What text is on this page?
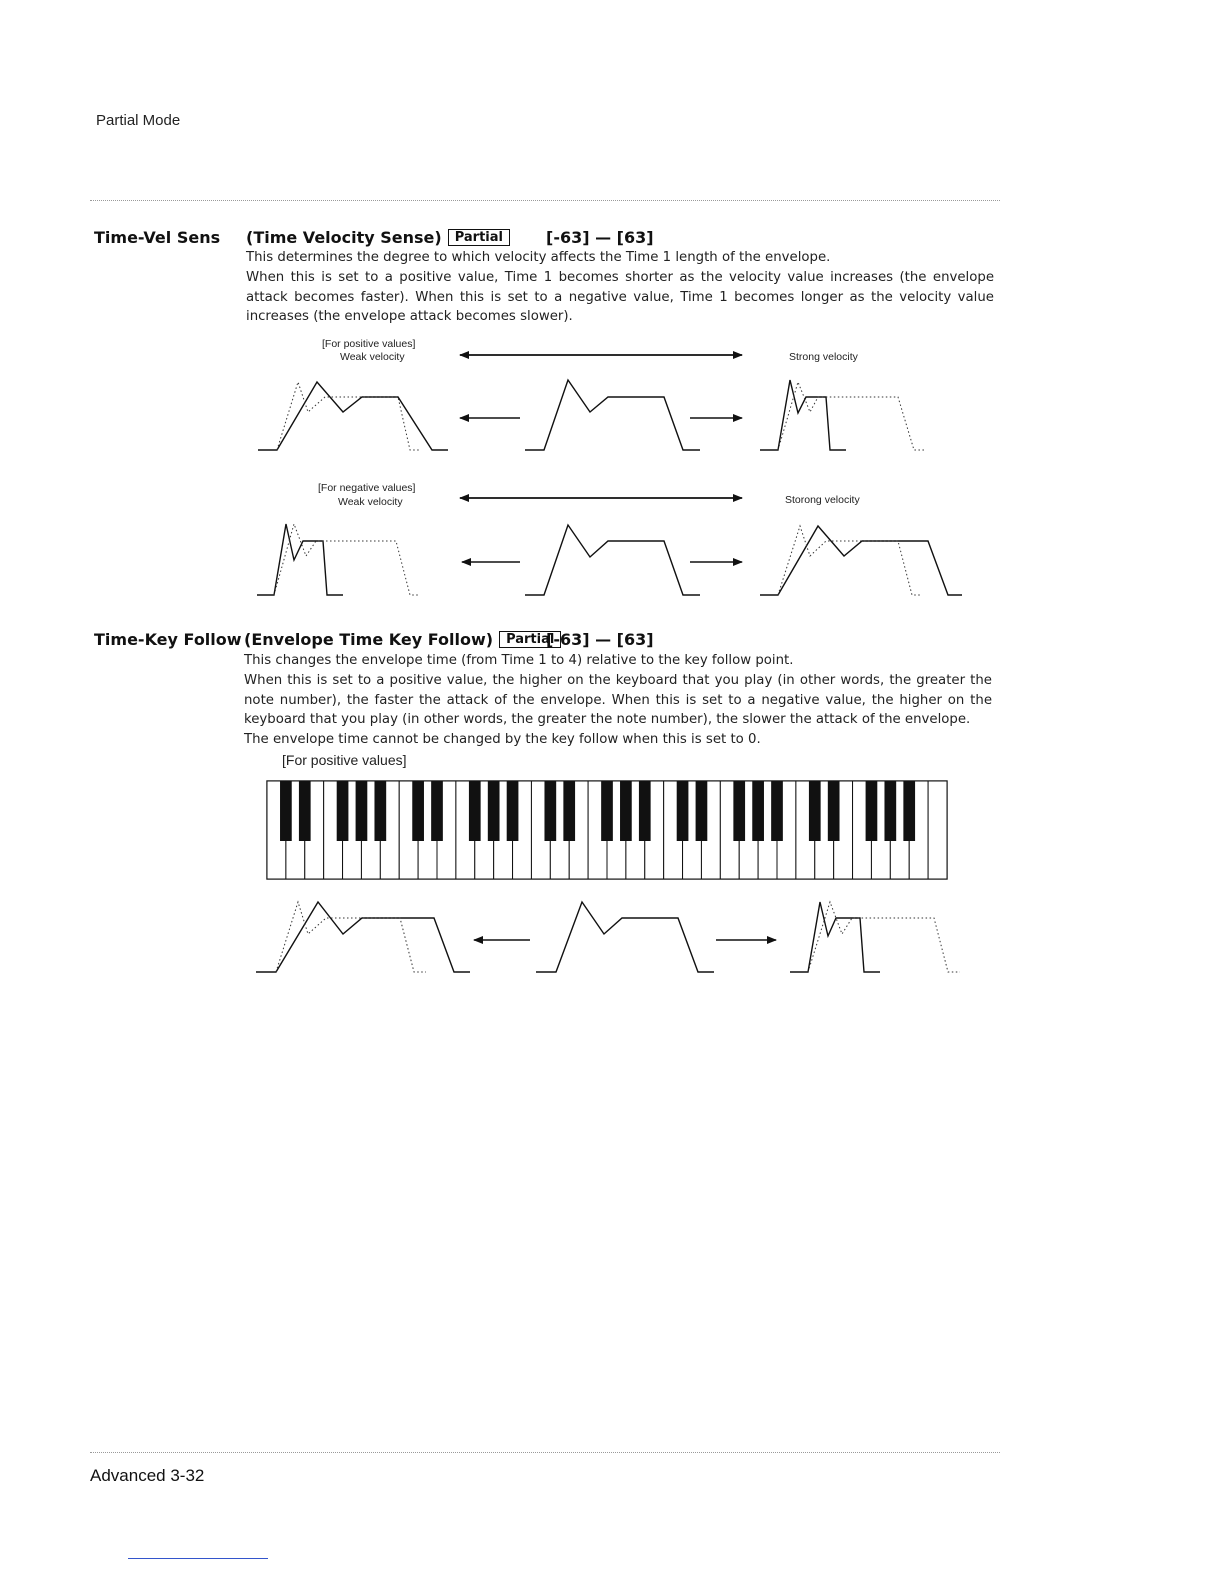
Partial Mode
Time-Vel Sens (Time Velocity Sense) Partial	[-63] — [63]

This determines the degree to which velocity affects the Time 1 length of the envelope.

When this is set to a positive value, Time 1 becomes shorter as the velocity value increases (the envelope attack becomes faster). When this is set to a negative value, Time 1 becomes longer as the velocity value increases (the envelope attack becomes slower).

[For positive values]
Weak velocity	Strong velocity
[For negative values]
Weak velocity	Storong velocity
Time-Key Follow (Envelope Time Key Follow) Partial
[-63] — [63]

This changes the envelope time (from Time 1 to 4) relative to the key follow point.

When this is set to a positive value, the higher on the keyboard that you play (in other words, the greater the note number), the faster the attack of the envelope. When this is set to a negative value, the higher on the keyboard that you play (in other words, the greater the note number), the slower the attack of the envelope.

The envelope time cannot be changed by the key follow when this is set to 0.

[For positive values]
Advanced 3-32
